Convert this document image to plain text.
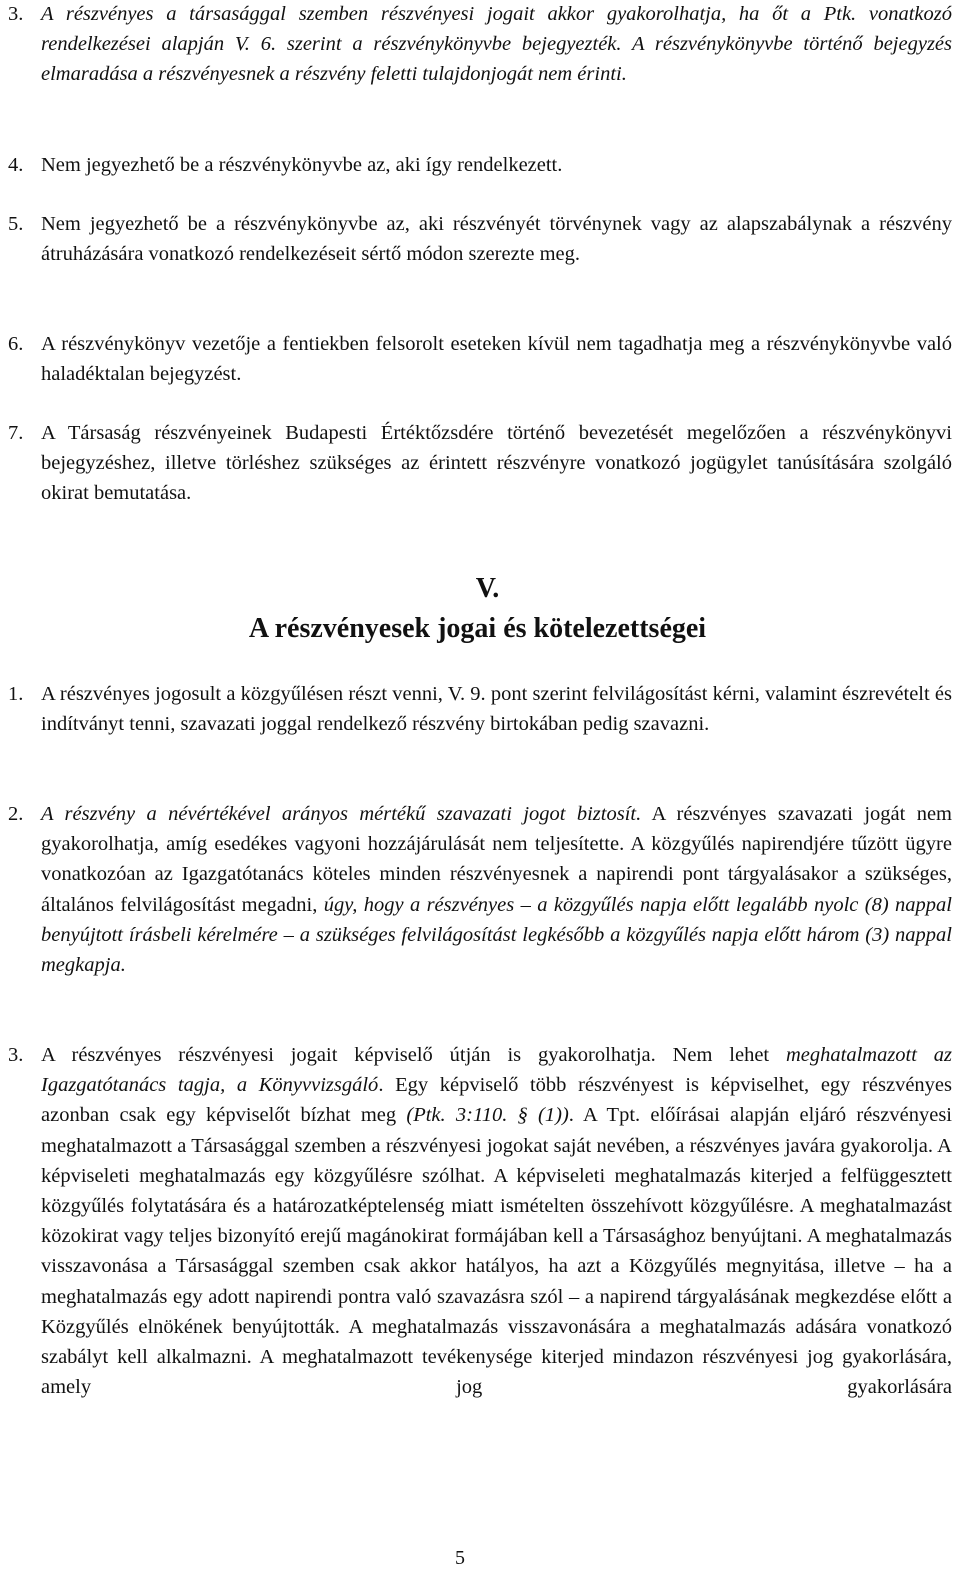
3. A részvényes a társasággal szemben részvényesi jogait akkor gyakorolhatja, ha őt a Ptk. vonatkozó rendelkezései alapján V. 6. szerint a részvénykönyvbe bejegyezték. A részvénykönyvbe történő bejegyzés elmaradása a részvényesnek a részvény feletti tulajdonjogát nem érinti.
4. Nem jegyezhető be a részvénykönyvbe az, aki így rendelkezett.
5. Nem jegyezhető be a részvénykönyvbe az, aki részvényét törvénynek vagy az alapszabálynak a részvény átruházására vonatkozó rendelkezéseit sértő módon szerezte meg.
6. A részvénykönyv vezetője a fentiekben felsorolt eseteken kívül nem tagadhatja meg a részvénykönyvbe való haladéktalan bejegyzést.
7. A Társaság részvényeinek Budapesti Értéktőzsdére történő bevezetését megelőzően a részvénykönyvi bejegyzéshez, illetve törléshez szükséges az érintett részvényre vonatkozó jogügylet tanúsítására szolgáló okirat bemutatása.
V.
A részvényesek jogai és kötelezettségei
1. A részvényes jogosult a közgyűlésen részt venni, V. 9. pont szerint felvilágosítást kérni, valamint észrevételt és indítványt tenni, szavazati joggal rendelkező részvény birtokában pedig szavazni.
2. A részvény a névértékével arányos mértékű szavazati jogot biztosít. A részvényes szavazati jogát nem gyakorolhatja, amíg esedékes vagyoni hozzájárulását nem teljesítette. A közgyűlés napirendjére tűzött ügyre vonatkozóan az Igazgatótanács köteles minden részvényesnek a napirendi pont tárgyalásakor a szükséges, általános felvilágosítást megadni, úgy, hogy a részvényes – a közgyűlés napja előtt legalább nyolc (8) nappal benyújtott írásbeli kérelmére – a szükséges felvilágosítást legkésőbb a közgyűlés napja előtt három (3) nappal megkapja.
3. A részvényes részvényesi jogait képviselő útján is gyakorolhatja. Nem lehet meghatalmazott az Igazgatótanács tagja, a Könyvvizsgáló. Egy képviselő több részvényest is képviselhet, egy részvényes azonban csak egy képviselőt bízhat meg (Ptk. 3:110. § (1)). A Tpt. előírásai alapján eljáró részvényesi meghatalmazott a Társasággal szemben a részvényesi jogokat saját nevében, a részvényes javára gyakorolja. A képviseleti meghatalmazás egy közgyűlésre szólhat. A képviseleti meghatalmazás kiterjed a felfüggesztett közgyűlés folytatására és a határozatképtelenség miatt ismételten összehívott közgyűlésre. A meghatalmazást közokirat vagy teljes bizonyító erejű magánokirat formájában kell a Társasághoz benyújtani. A meghatalmazás visszavonása a Társasággal szemben csak akkor hatályos, ha azt a Közgyűlés megnyitása, illetve – ha a meghatalmazás egy adott napirendi pontra való szavazásra szól – a napirend tárgyalásának megkezdése előtt a Közgyűlés elnökének benyújtották. A meghatalmazás visszavonására a meghatalmazás adására vonatkozó szabályt kell alkalmazni. A meghatalmazott tevékenysége kiterjed mindazon részvényesi jog gyakorlására, amely jog gyakorlására
5
